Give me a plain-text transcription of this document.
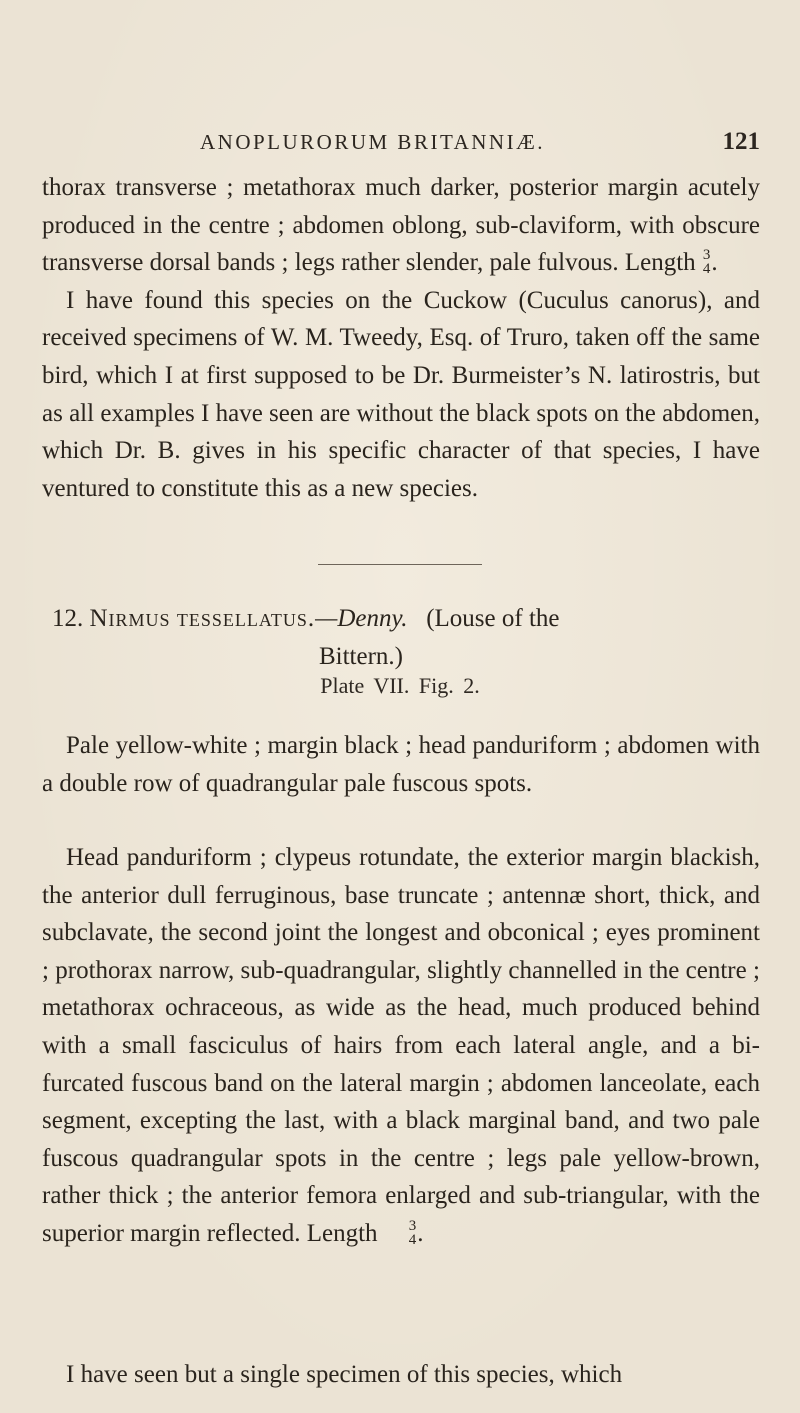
ANOPLURORUM BRITANNIÆ.	121

thorax transverse ; metathorax much darker, posterior margin acutely produced in the centre ; abdomen oblong, sub-claviform, with obscure transverse dorsal bands ; legs rather slender, pale fulvous. Length 3
4 .

I have found this species on the Cuckow (Cuculus canorus), and received specimens of W. M. Tweedy, Esq. of Truro, taken off the same bird, which I at first supposed to be Dr. Burmeister’s N. latirostris, but as all examples I have seen are without the black spots on the abdomen, which Dr. B. gives in his specific character of that species, I have ventured to constitute this as a new species.

12. Nirmus tessellatus.—Denny. (Louse of the

Bittern.)

Plate VII. Fig. 2.

Pale yellow-white ; margin black ; head panduriform ; abdomen with a double row of quadrangular pale fuscous spots.

Head panduriform ; clypeus rotundate, the exterior margin blackish, the anterior dull ferruginous, base truncate ; antennæ short, thick, and subclavate, the second joint the longest and obconical ; eyes prominent ; prothorax narrow, sub-quadrangular, slightly channelled in the centre ; metathorax ochraceous, as wide as the head, much produced behind with a small fasciculus of hairs from each lateral angle, and a bi-furcated fuscous band on the lateral margin ; abdomen lanceolate, each segment, excepting the last, with a black marginal band, and two pale fuscous quadrangular spots in the centre ; legs pale yellow-brown, rather thick ; the anterior femora enlarged and sub-triangular, with the superior margin reflected. Length	3
4 .

I have seen but a single specimen of this species, which
